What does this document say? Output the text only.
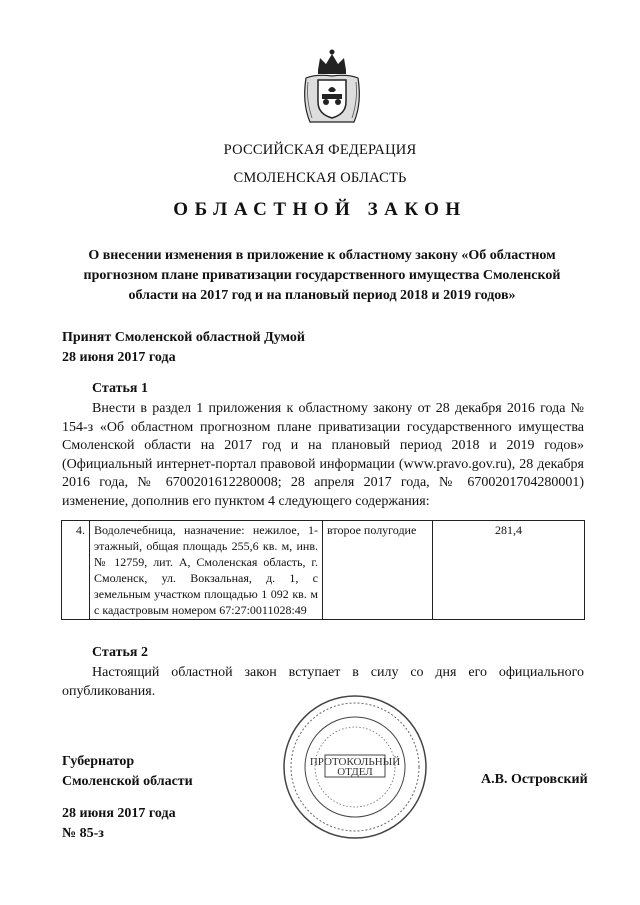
РОССИЙСКАЯ ФЕДЕРАЦИЯ
СМОЛЕНСКАЯ ОБЛАСТЬ
ОБЛАСТНОЙ ЗАКОН
О внесении изменения в приложение к областному закону «Об областном прогнозном плане приватизации государственного имущества Смоленской области на 2017 год и на плановый период 2018 и 2019 годов»
Принят Смоленской областной Думой
28 июня 2017 года
Статья 1
Внести в раздел 1 приложения к областному закону от 28 декабря 2016 года № 154-з «Об областном прогнозном плане приватизации государственного имущества Смоленской области на 2017 год и на плановый период 2018 и 2019 годов» (Официальный интернет-портал правовой информации (www.pravo.gov.ru), 28 декабря 2016 года, № 6700201612280008; 28 апреля 2017 года, № 6700201704280001) изменение, дополнив его пунктом 4 следующего содержания:
4.	Водолечебница, назначение: нежилое, 1-этажный, общая площадь 255,6 кв. м, инв. № 12759, лит. А, Смоленская область, г. Смоленск, ул. Вокзальная, д. 1, с земельным участком площадью 1 092 кв. м с кадастровым номером 67:27:0011028:49	второе полугодие	281,4
Статья 2
Настоящий областной закон вступает в силу со дня его официального опубликования.
ПРОТОКОЛЬНЫЙ
ОТДЕЛ
Губернатор
Смоленской области	А.В. Островский
28 июня 2017 года
№ 85-з
